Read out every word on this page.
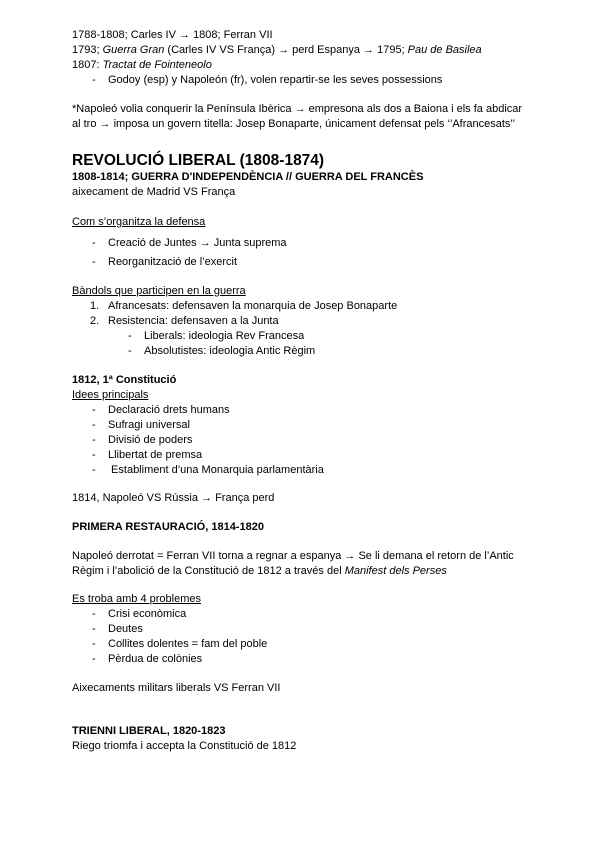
1788-1808; Carles IV → 1808; Ferran VII
1793; Guerra Gran (Carles IV VS França) → perd Espanya → 1795; Pau de Basilea
1807: Tractat de Fointeneolo
- Godoy (esp) y Napoleón (fr), volen repartir-se les seves possessions
*Napoleó volia conquerir la Península Ibèrica → empresona als dos a Baiona i els fa abdicar
al tro → imposa un govern titella: Josep Bonaparte, únicament defensat pels ‘’Afrancesats’’
REVOLUCIÓ LIBERAL (1808-1874)
1808-1814; GUERRA D'INDEPENDÈNCIA // GUERRA DEL FRANCÈS
aixecament de Madrid VS França
Com s’organitza la defensa
- Creació de Juntes → Junta suprema
- Reorganització de l’exercit
Bàndols que participen en la guerra
1. Afrancesats: defensaven la monarquia de Josep Bonaparte
2. Resistencia: defensaven a la Junta
- Liberals: ideologia Rev Francesa
- Absolutistes: ideologia Antic Règim
1812, 1ª Constitució
Idees principals
- Declaració drets humans
- Sufragi universal
- Divisió de poders
- Llibertat de premsa
- Establiment d’una Monarquia parlamentària
1814, Napoleó VS Rússia → França perd
PRIMERA RESTAURACIÓ, 1814-1820
Napoleó derrotat = Ferran VII torna a regnar a espanya → Se li demana el retorn de l’Antic
Règim i l’abolició de la Constitució de 1812 a través del Manifest dels Perses
Es troba amb 4 problemes
- Crisi econòmica
- Deutes
- Collites dolentes = fam del poble
- Pèrdua de colònies
Aixecaments militars liberals VS Ferran VII
TRIENNI LIBERAL, 1820-1823
Riego triomfa i accepta la Constitució de 1812
